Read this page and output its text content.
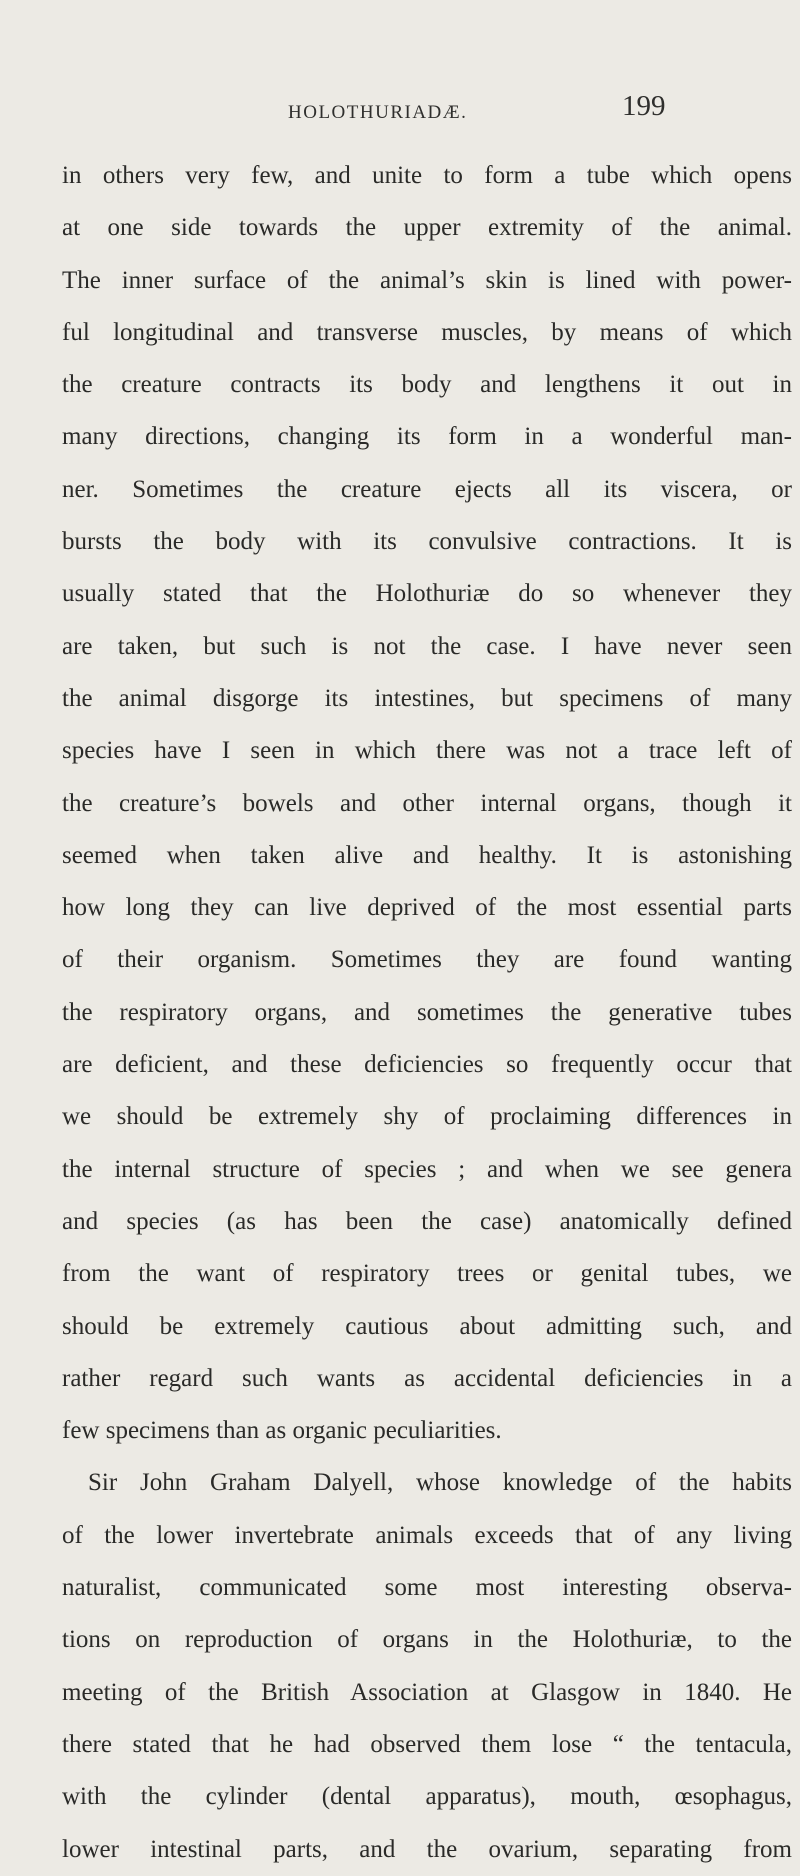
HOLOTHURIADÆ.	199
in others very few, and unite to form a tube which opens
at one side towards the upper extremity of the animal.
The inner surface of the animal’s skin is lined with power-
ful longitudinal and transverse muscles, by means of which
the creature contracts its body and lengthens it out in
many directions, changing its form in a wonderful man-
ner. Sometimes the creature ejects all its viscera, or
bursts the body with its convulsive contractions. It is
usually stated that the Holothuriæ do so whenever they
are taken, but such is not the case. I have never seen
the animal disgorge its intestines, but specimens of many
species have I seen in which there was not a trace left of
the creature’s bowels and other internal organs, though it
seemed when taken alive and healthy. It is astonishing
how long they can live deprived of the most essential parts
of their organism. Sometimes they are found wanting
the respiratory organs, and sometimes the generative tubes
are deficient, and these deficiencies so frequently occur that
we should be extremely shy of proclaiming differences in
the internal structure of species ; and when we see genera
and species (as has been the case) anatomically defined
from the want of respiratory trees or genital tubes, we
should be extremely cautious about admitting such, and
rather regard such wants as accidental deficiencies in a
few specimens than as organic peculiarities.
Sir John Graham Dalyell, whose knowledge of the habits
of the lower invertebrate animals exceeds that of any living
naturalist, communicated some most interesting observa-
tions on reproduction of organs in the Holothuriæ, to the
meeting of the British Association at Glasgow in 1840. He
there stated that he had observed them lose “ the tentacula,
with the cylinder (dental apparatus), mouth, œsophagus,
lower intestinal parts, and the ovarium, separating from
